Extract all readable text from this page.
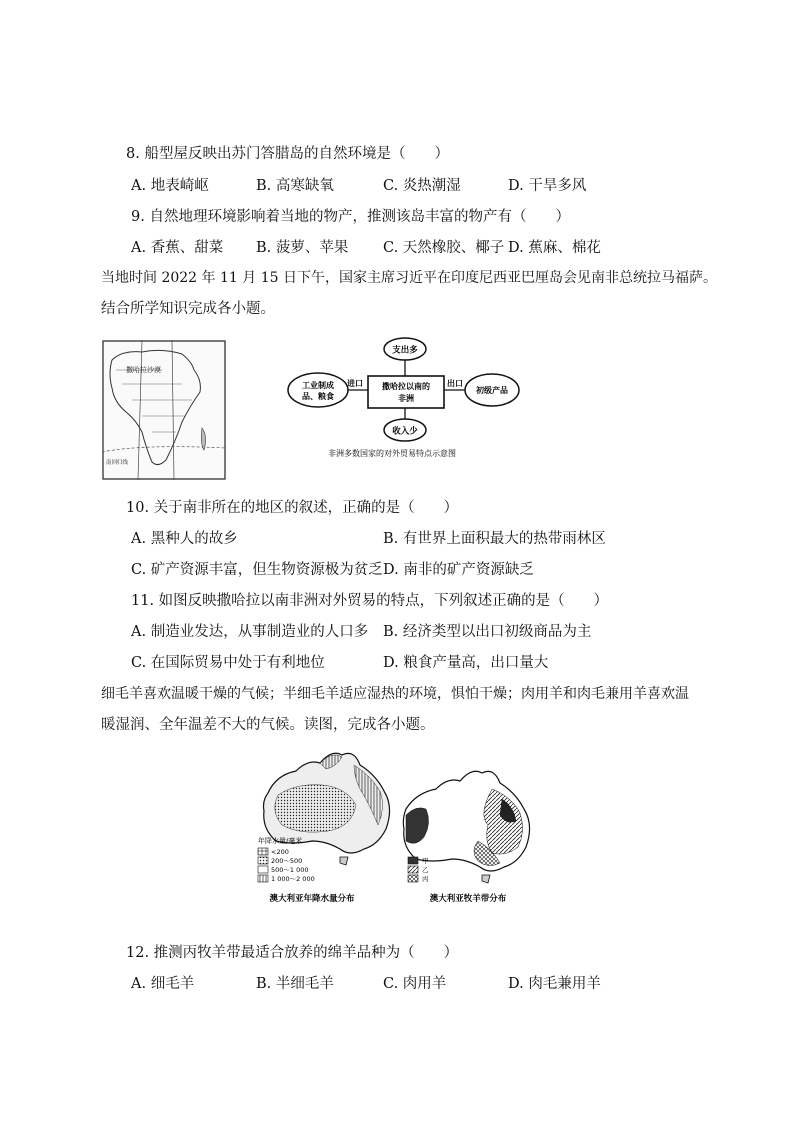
8. 船型屋反映出苏门答腊岛的自然环境是（　　）
A. 地表崎岖	B. 高寒缺氧	C. 炎热潮湿	D. 干旱多风
9. 自然地理环境影响着当地的物产，推测该岛丰富的物产有（　　）
A. 香蕉、甜菜 B. 菠萝、苹果 C. 天然橡胶、椰子 D. 蕉麻、棉花
当地时间 2022 年 11 月 15 日下午，国家主席习近平在印度尼西亚巴厘岛会见南非总统拉马福萨。
结合所学知识完成各小题。
撒哈拉沙漠
南回归线
支出多
撒哈拉以南的
非洲
工业制成
品、粮食
初级产品
进口	出口
收入少
非洲多数国家的对外贸易特点示意图
10. 关于南非所在的地区的叙述，正确的是（　　）
A. 黑种人的故乡	B. 有世界上面积最大的热带雨林区
C. 矿产资源丰富，但生物资源极为贫乏 D. 南非的矿产资源缺乏
11. 如图反映撒哈拉以南非洲对外贸易的特点，下列叙述正确的是（　　）
A. 制造业发达，从事制造业的人口多 B. 经济类型以出口初级商品为主
C. 在国际贸易中处于有利地位	D. 粮食产量高，出口量大
细毛羊喜欢温暖干燥的气候；半细毛羊适应湿热的环境，惧怕干燥；肉用羊和肉毛兼用羊喜欢温
暖湿润、全年温差不大的气候。读图，完成各小题。
年降水量/毫米
<200
200～500
500～1 000
1 000～2 000
澳大利亚年降水量分布
甲
乙
丙
澳大利亚牧羊带分布
12. 推测丙牧羊带最适合放养的绵羊品种为（　　）
A. 细毛羊	B. 半细毛羊	C. 肉用羊	D. 肉毛兼用羊
